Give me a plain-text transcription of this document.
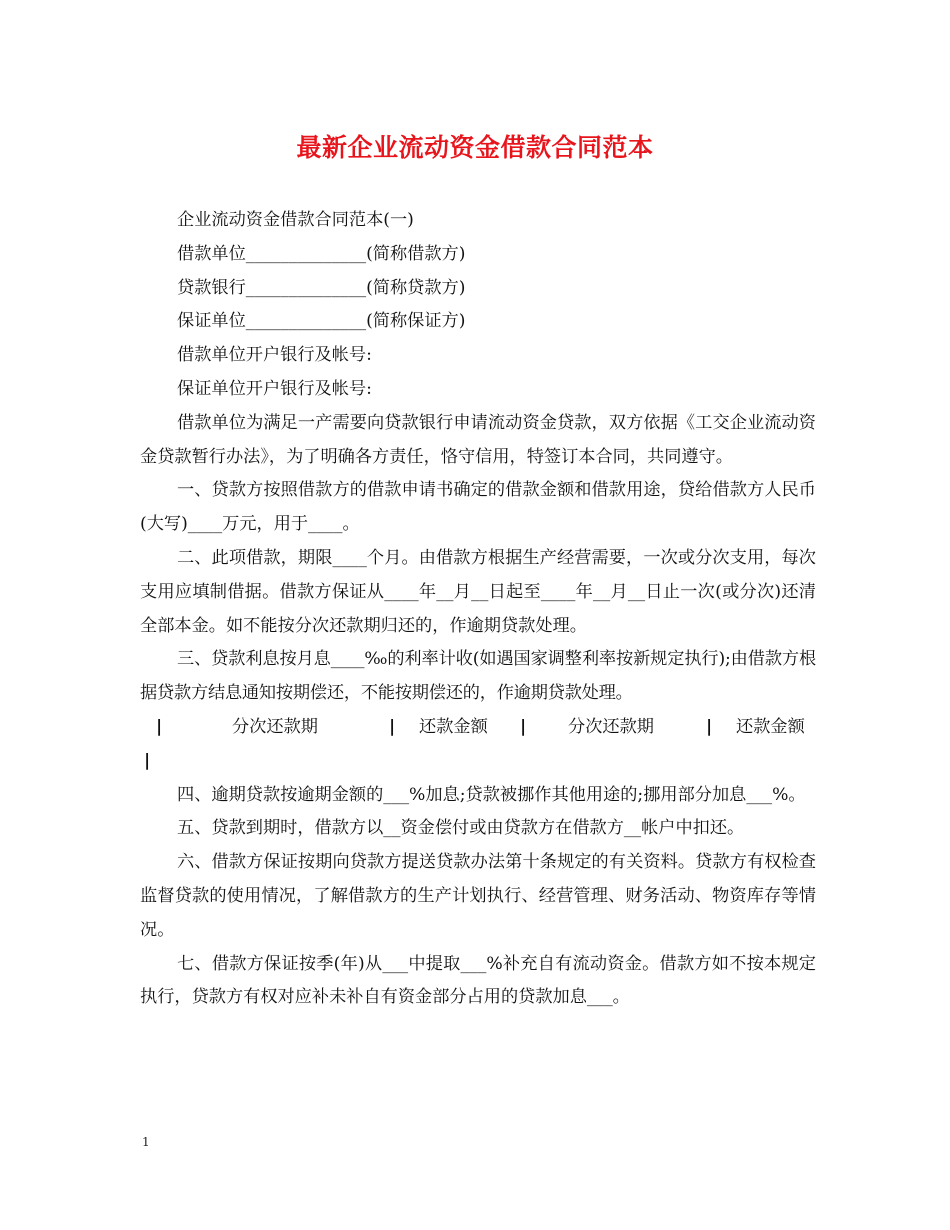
最新企业流动资金借款合同范本

企业流动资金借款合同范本(一)

借款单位______________(简称借款方)

贷款银行______________(简称贷款方)

保证单位______________(简称保证方)

借款单位开户银行及帐号:

保证单位开户银行及帐号:

借款单位为满足一产需要向贷款银行申请流动资金贷款，双方依据《工交企业流动资金贷款暂行办法》，为了明确各方责任，恪守信用，特签订本合同，共同遵守。

一、贷款方按照借款方的借款申请书确定的借款金额和借款用途，贷给借款方人民币(大写)____万元，用于____。

二、此项借款，期限____个月。由借款方根据生产经营需要，一次或分次支用，每次支用应填制借据。借款方保证从____年__月__日起至____年__月__日止一次(或分次)还清全部本金。如不能按分次还款期归还的，作逾期贷款处理。

三、贷款利息按月息____‰的利率计收(如遇国家调整利率按新规定执行);由借款方根据贷款方结息通知按期偿还，不能按期偿还的，作逾期贷款处理。

|	分次还款期	| 还款金额 | 分次还款期	| 还款金额
|

四、逾期贷款按逾期金额的___%加息;贷款被挪作其他用途的;挪用部分加息___%。

五、贷款到期时，借款方以__资金偿付或由贷款方在借款方__帐户中扣还。

六、借款方保证按期向贷款方提送贷款办法第十条规定的有关资料。贷款方有权检查监督贷款的使用情况，了解借款方的生产计划执行、经营管理、财务活动、物资库存等情况。

七、借款方保证按季(年)从___中提取___%补充自有流动资金。借款方如不按本规定执行，贷款方有权对应补未补自有资金部分占用的贷款加息___。

1
